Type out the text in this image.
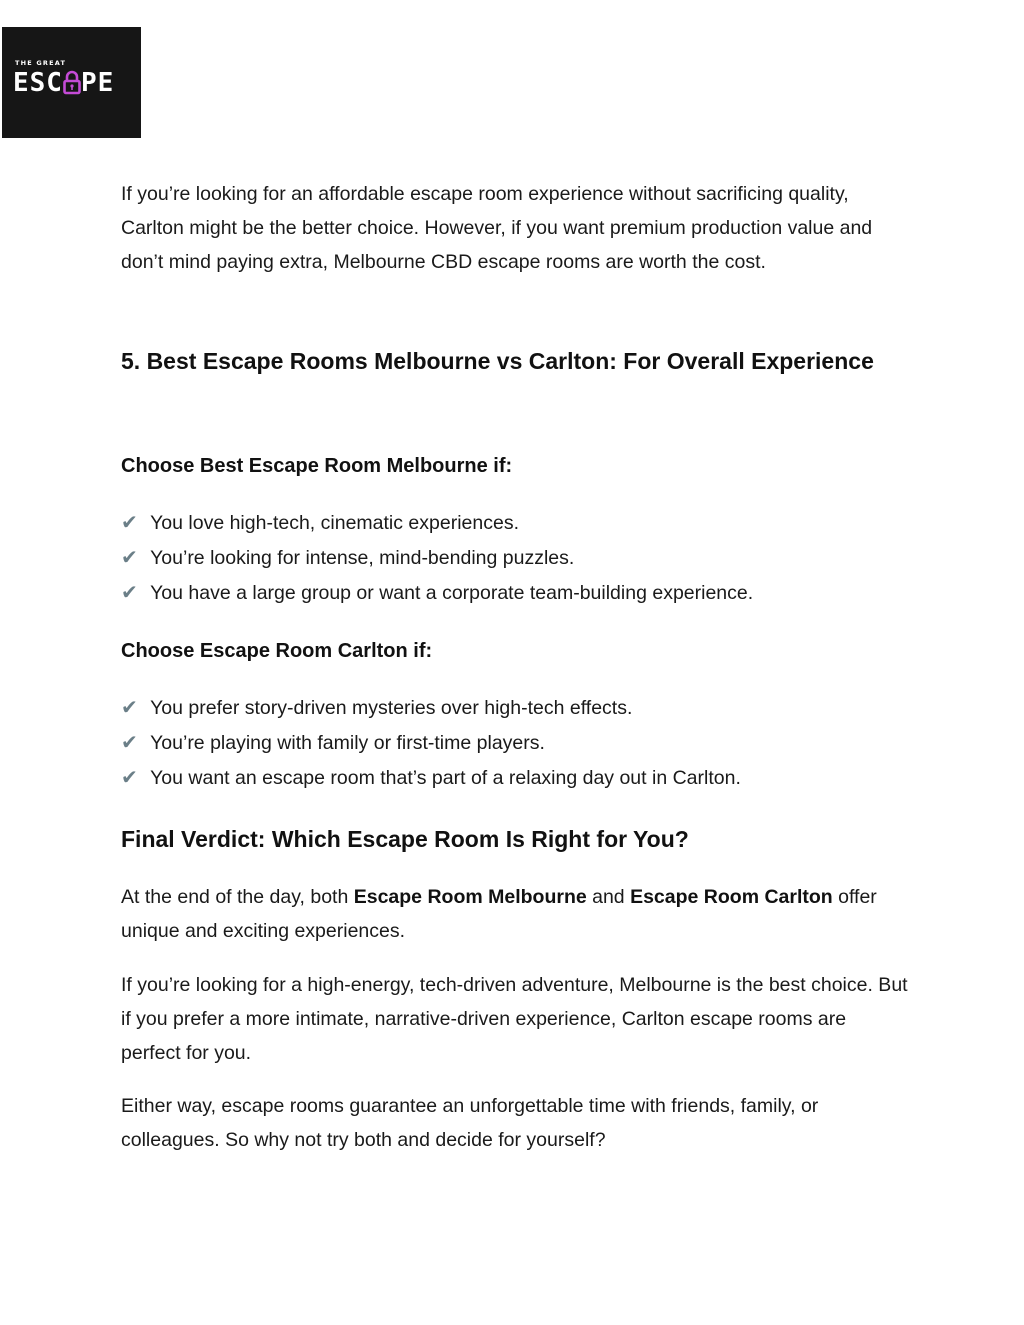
THE GREAT
ESC PE

If you’re looking for an affordable escape room experience without sacrificing quality, Carlton might be the better choice. However, if you want premium production value and don’t mind paying extra, Melbourne CBD escape rooms are worth the cost.

5. Best Escape Rooms Melbourne vs Carlton: For Overall Experience
Choose Best Escape Room Melbourne if:
✔ You love high-tech, cinematic experiences.
✔ You’re looking for intense, mind-bending puzzles.
✔ You have a large group or want a corporate team-building experience.
Choose Escape Room Carlton if:
✔ You prefer story-driven mysteries over high-tech effects.
✔ You’re playing with family or first-time players.
✔ You want an escape room that’s part of a relaxing day out in Carlton.
Final Verdict: Which Escape Room Is Right for You?

At the end of the day, both Escape Room Melbourne and Escape Room Carlton offer unique and exciting experiences.

If you’re looking for a high-energy, tech-driven adventure, Melbourne is the best choice. But if you prefer a more intimate, narrative-driven experience, Carlton escape rooms are perfect for you.

Either way, escape rooms guarantee an unforgettable time with friends, family, or colleagues. So why not try both and decide for yourself?
